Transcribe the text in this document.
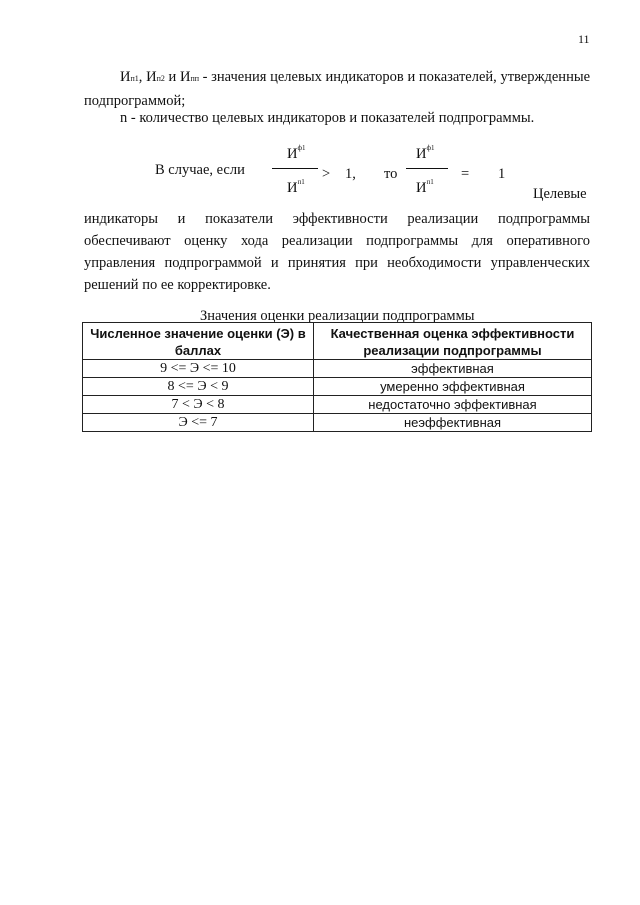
11
Ип1, Ип2 и Ипп - значения целевых индикаторов и показателей, утвержденные подпрограммой;
n - количество целевых индикаторов и показателей подпрограммы.
В случае, если
$И^{ф1}$
$И^{п1} > 1$, то
$И^{ф1}$
$И^{п1} = 1$
Целевые
индикаторы и показатели эффективности реализации подпрограммы обеспечивают оценку хода реализации подпрограммы для оперативного управления подпрограммой и принятия при необходимости управленческих решений по ее корректировке.
Значения оценки реализации подпрограммы
Численное значение оценки (Э) в баллах	Качественная оценка эффективности реализации подпрограммы
9 <= Э <= 10	эффективная
8 <= Э < 9	умеренно эффективная
7 < Э < 8	недостаточно эффективная
Э <= 7	неэффективная
